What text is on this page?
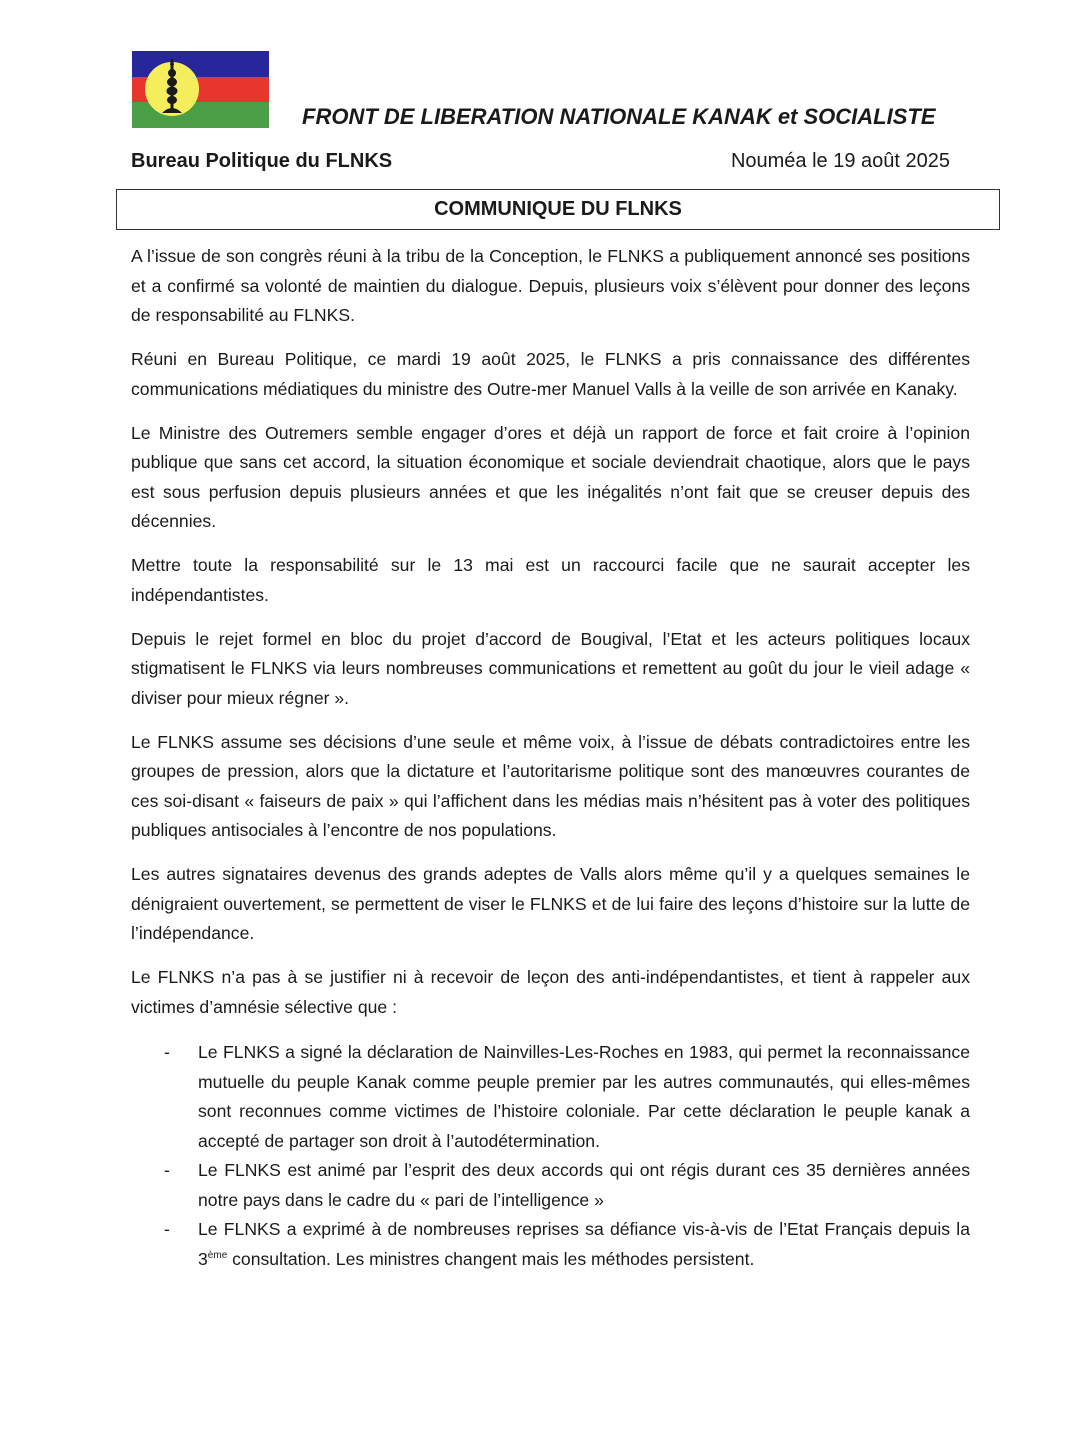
FRONT DE LIBERATION NATIONALE KANAK et SOCIALISTE
Bureau Politique du FLNKS	Nouméa le 19 août 2025
COMMUNIQUE DU FLNKS

A l’issue de son congrès réuni à la tribu de la Conception, le FLNKS a publiquement annoncé ses positions et a confirmé sa volonté de maintien du dialogue. Depuis, plusieurs voix s’élèvent pour donner des leçons de responsabilité au FLNKS.

Réuni en Bureau Politique, ce mardi 19 août 2025, le FLNKS a pris connaissance des différentes communications médiatiques du ministre des Outre-mer Manuel Valls à la veille de son arrivée en Kanaky.

Le Ministre des Outremers semble engager d’ores et déjà un rapport de force et fait croire à l’opinion publique que sans cet accord, la situation économique et sociale deviendrait chaotique, alors que le pays est sous perfusion depuis plusieurs années et que les inégalités n’ont fait que se creuser depuis des décennies.

Mettre toute la responsabilité sur le 13 mai est un raccourci facile que ne saurait accepter les indépendantistes.

Depuis le rejet formel en bloc du projet d’accord de Bougival, l’Etat et les acteurs politiques locaux stigmatisent le FLNKS via leurs nombreuses communications et remettent au goût du jour le vieil adage « diviser pour mieux régner ».

Le FLNKS assume ses décisions d’une seule et même voix, à l’issue de débats contradictoires entre les groupes de pression, alors que la dictature et l’autoritarisme politique sont des manœuvres courantes de ces soi-disant « faiseurs de paix » qui l’affichent dans les médias mais n’hésitent pas à voter des politiques publiques antisociales à l’encontre de nos populations.

Les autres signataires devenus des grands adeptes de Valls alors même qu’il y a quelques semaines le dénigraient ouvertement, se permettent de viser le FLNKS et de lui faire des leçons d’histoire sur la lutte de l’indépendance.

Le FLNKS n’a pas à se justifier ni à recevoir de leçon des anti-indépendantistes, et tient à rappeler aux victimes d’amnésie sélective que :

- Le FLNKS a signé la déclaration de Nainvilles-Les-Roches en 1983, qui permet la reconnaissance mutuelle du peuple Kanak comme peuple premier par les autres communautés, qui elles-mêmes sont reconnues comme victimes de l’histoire coloniale. Par cette déclaration le peuple kanak a accepté de partager son droit à l’autodétermination.
- Le FLNKS est animé par l’esprit des deux accords qui ont régis durant ces 35 dernières années notre pays dans le cadre du « pari de l’intelligence »
- Le FLNKS a exprimé à de nombreuses reprises sa défiance vis-à-vis de l’Etat Français depuis la 3ème consultation. Les ministres changent mais les méthodes persistent.
